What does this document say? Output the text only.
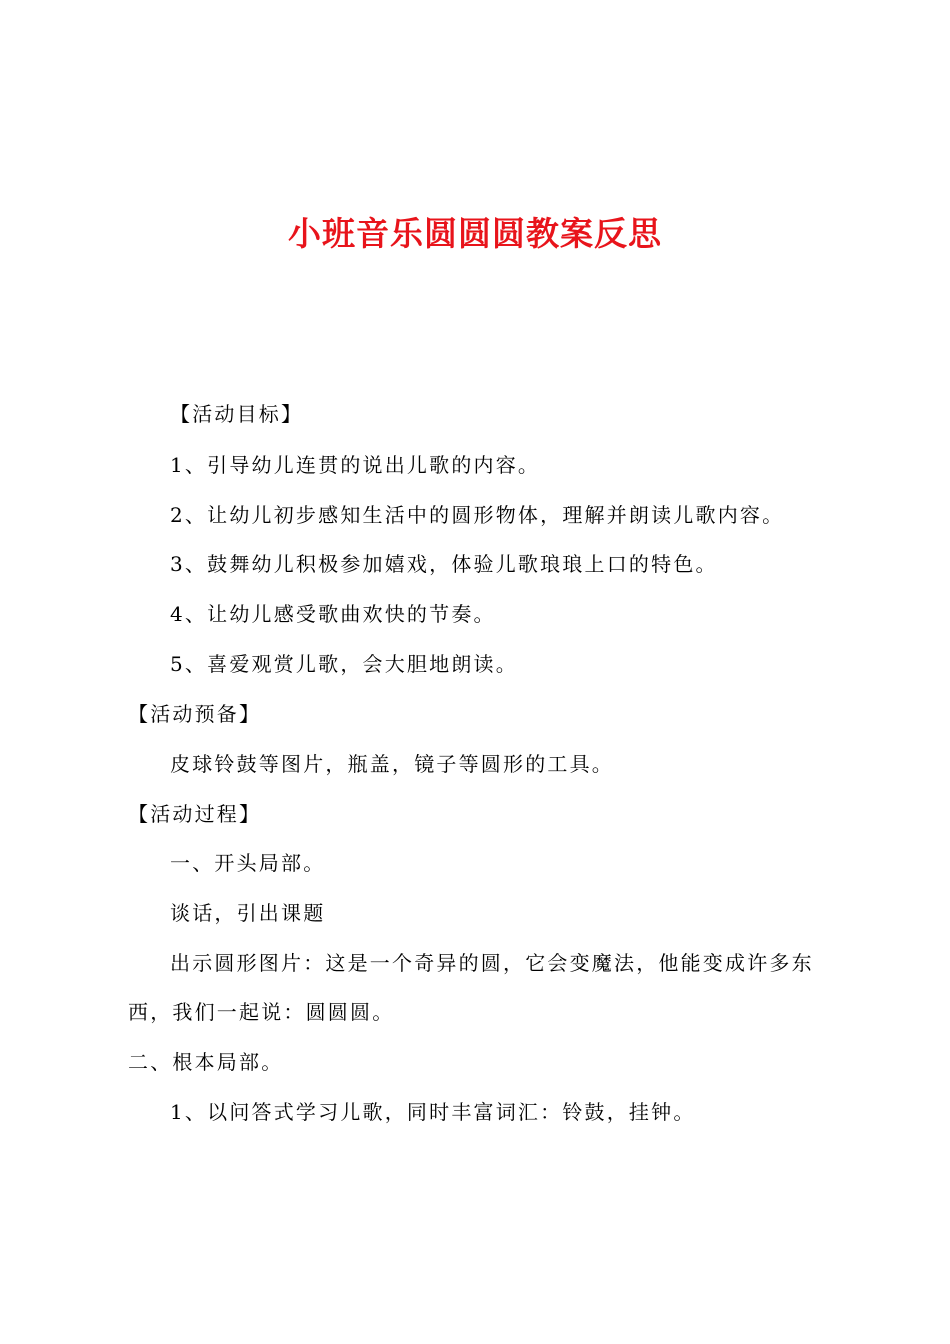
小班音乐圆圆圆教案反思
【活动目标】
1、引导幼儿连贯的说出儿歌的内容。
2、让幼儿初步感知生活中的圆形物体，理解并朗读儿歌内容。
3、鼓舞幼儿积极参加嬉戏，体验儿歌琅琅上口的特色。
4、让幼儿感受歌曲欢快的节奏。
5、喜爱观赏儿歌，会大胆地朗读。
【活动预备】
皮球铃鼓等图片，瓶盖，镜子等圆形的工具。
【活动过程】
一、开头局部。
谈话，引出课题
出示圆形图片：这是一个奇异的圆，它会变魔法，他能变成许多东
西，我们一起说：圆圆圆。
二、根本局部。
1、以问答式学习儿歌，同时丰富词汇：铃鼓，挂钟。
